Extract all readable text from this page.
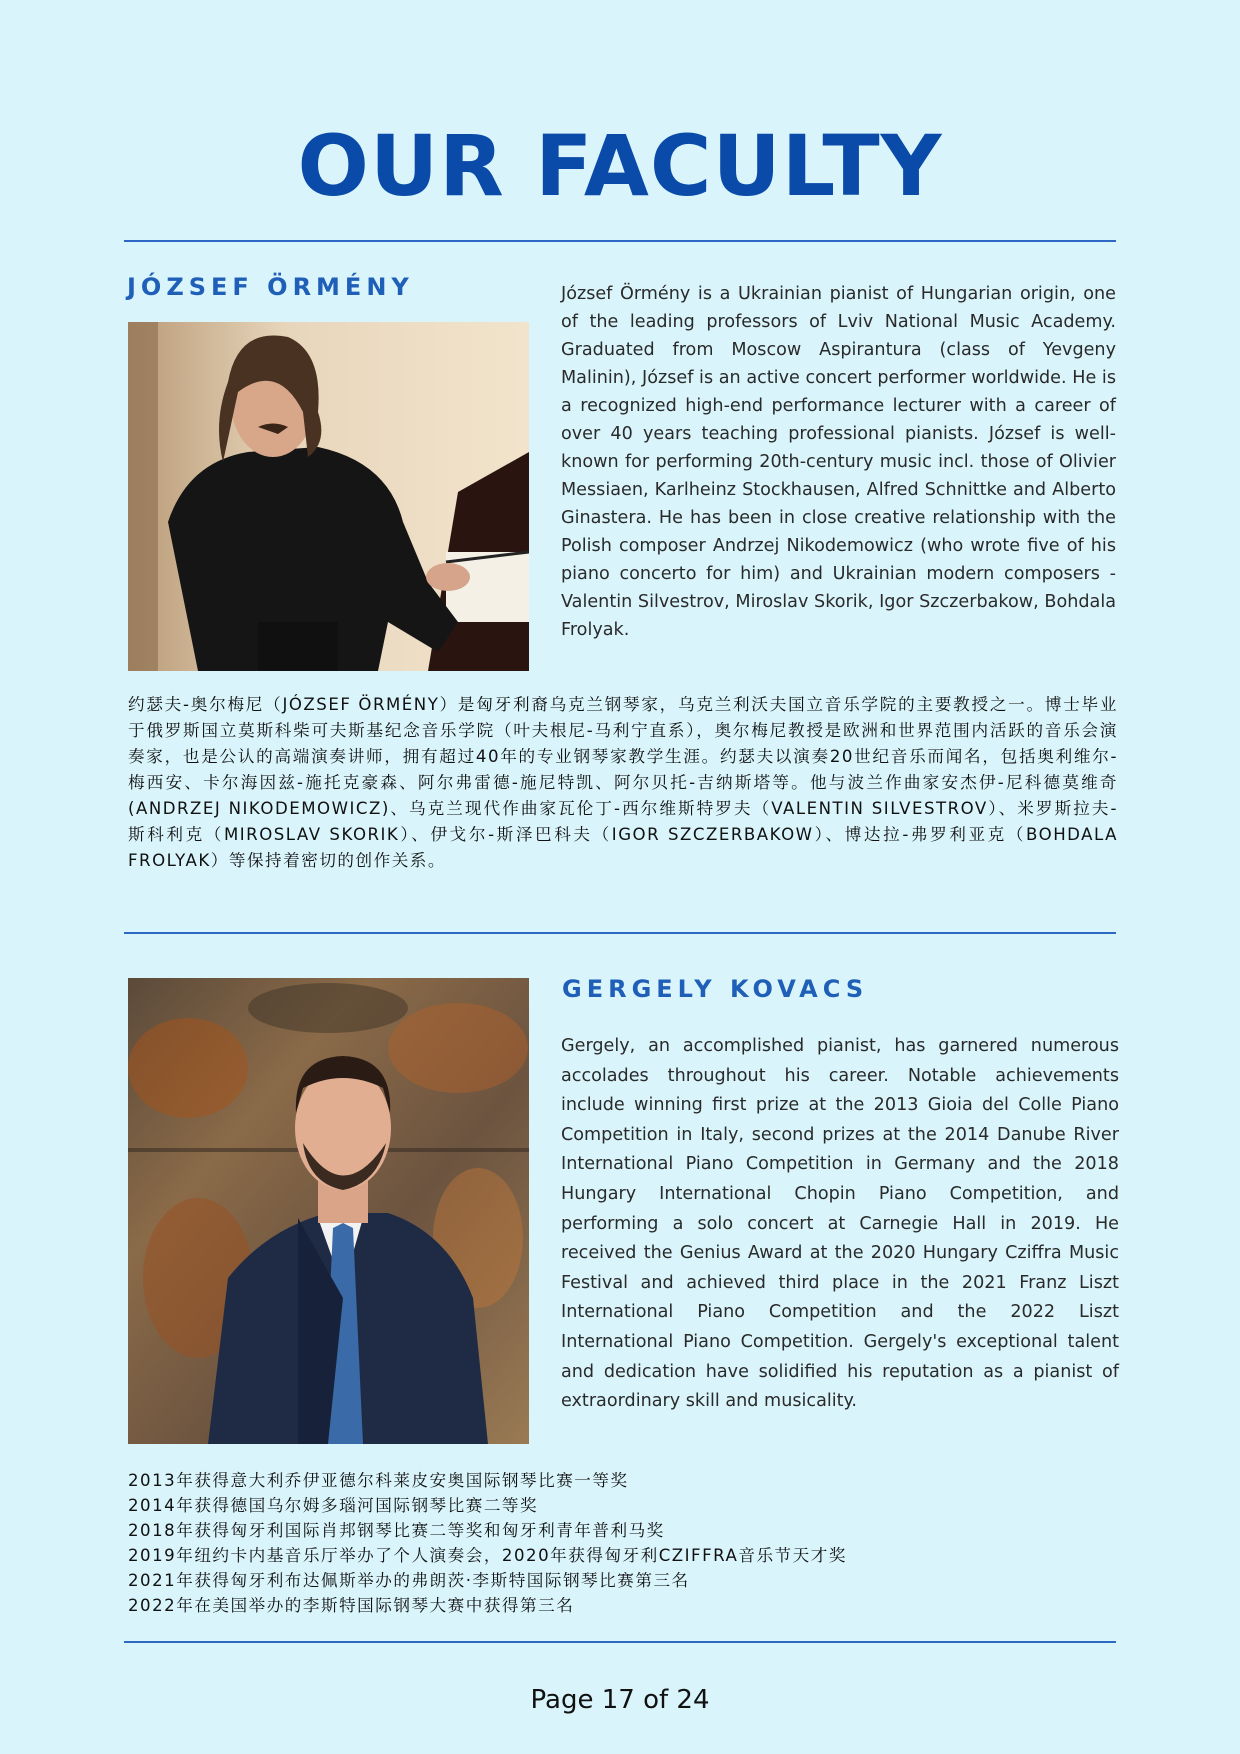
OUR FACULTY
JÓZSEF ÖRMÉNY	József Örmény is a Ukrainian pianist of Hungarian origin, one of the leading professors of Lviv National Music Academy. Graduated from Moscow Aspirantura (class of Yevgeny Malinin), József is an active concert performer worldwide. He is a recognized high-end performance lecturer with a career of over 40 years teaching professional pianists. József is well-known for performing 20th-century music incl. those of Olivier Messiaen, Karlheinz Stockhausen, Alfred Schnittke and Alberto Ginastera. He has been in close creative relationship with the Polish composer Andrzej Nikodemowicz (who wrote five of his piano concerto for him) and Ukrainian modern composers - Valentin Silvestrov, Miroslav Skorik, Igor Szczerbakow, Bohdala Frolyak.
约瑟夫-奥尔梅尼（JÓZSEF ÖRMÉNY）是匈牙利裔乌克兰钢琴家，乌克兰利沃夫国立音乐学院的主要教授之一。博士毕业于俄罗斯国立莫斯科柴可夫斯基纪念音乐学院（叶夫根尼-马利宁直系），奥尔梅尼教授是欧洲和世界范围内活跃的音乐会演奏家，也是公认的高端演奏讲师，拥有超过40年的专业钢琴家教学生涯。约瑟夫以演奏20世纪音乐而闻名，包括奥利维尔-梅西安、卡尔海因兹-施托克豪森、阿尔弗雷德-施尼特凯、阿尔贝托-吉纳斯塔等。他与波兰作曲家安杰伊-尼科德莫维奇(ANDRZEJ NIKODEMOWICZ)、乌克兰现代作曲家瓦伦丁-西尔维斯特罗夫（VALENTIN SILVESTROV）、米罗斯拉夫-斯科利克（MIROSLAV SKORIK）、伊戈尔-斯泽巴科夫（IGOR SZCZERBAKOW）、博达拉-弗罗利亚克（BOHDALA FROLYAK）等保持着密切的创作关系。
GERGELY KOVACS
Gergely, an accomplished pianist, has garnered numerous accolades throughout his career. Notable achievements include winning first prize at the 2013 Gioia del Colle Piano Competition in Italy, second prizes at the 2014 Danube River International Piano Competition in Germany and the 2018 Hungary International Chopin Piano Competition, and performing a solo concert at Carnegie Hall in 2019. He received the Genius Award at the 2020 Hungary Cziffra Music Festival and achieved third place in the 2021 Franz Liszt International Piano Competition and the 2022 Liszt International Piano Competition. Gergely's exceptional talent and dedication have solidified his reputation as a pianist of extraordinary skill and musicality.
2013年获得意大利乔伊亚德尔科莱皮安奥国际钢琴比赛一等奖
2014年获得德国乌尔姆多瑙河国际钢琴比赛二等奖
2018年获得匈牙利国际肖邦钢琴比赛二等奖和匈牙利青年普利马奖
2019年纽约卡内基音乐厅举办了个人演奏会，2020年获得匈牙利CZIFFRA音乐节天才奖
2021年获得匈牙利布达佩斯举办的弗朗茨·李斯特国际钢琴比赛第三名
2022年在美国举办的李斯特国际钢琴大赛中获得第三名
Page 17 of 24
